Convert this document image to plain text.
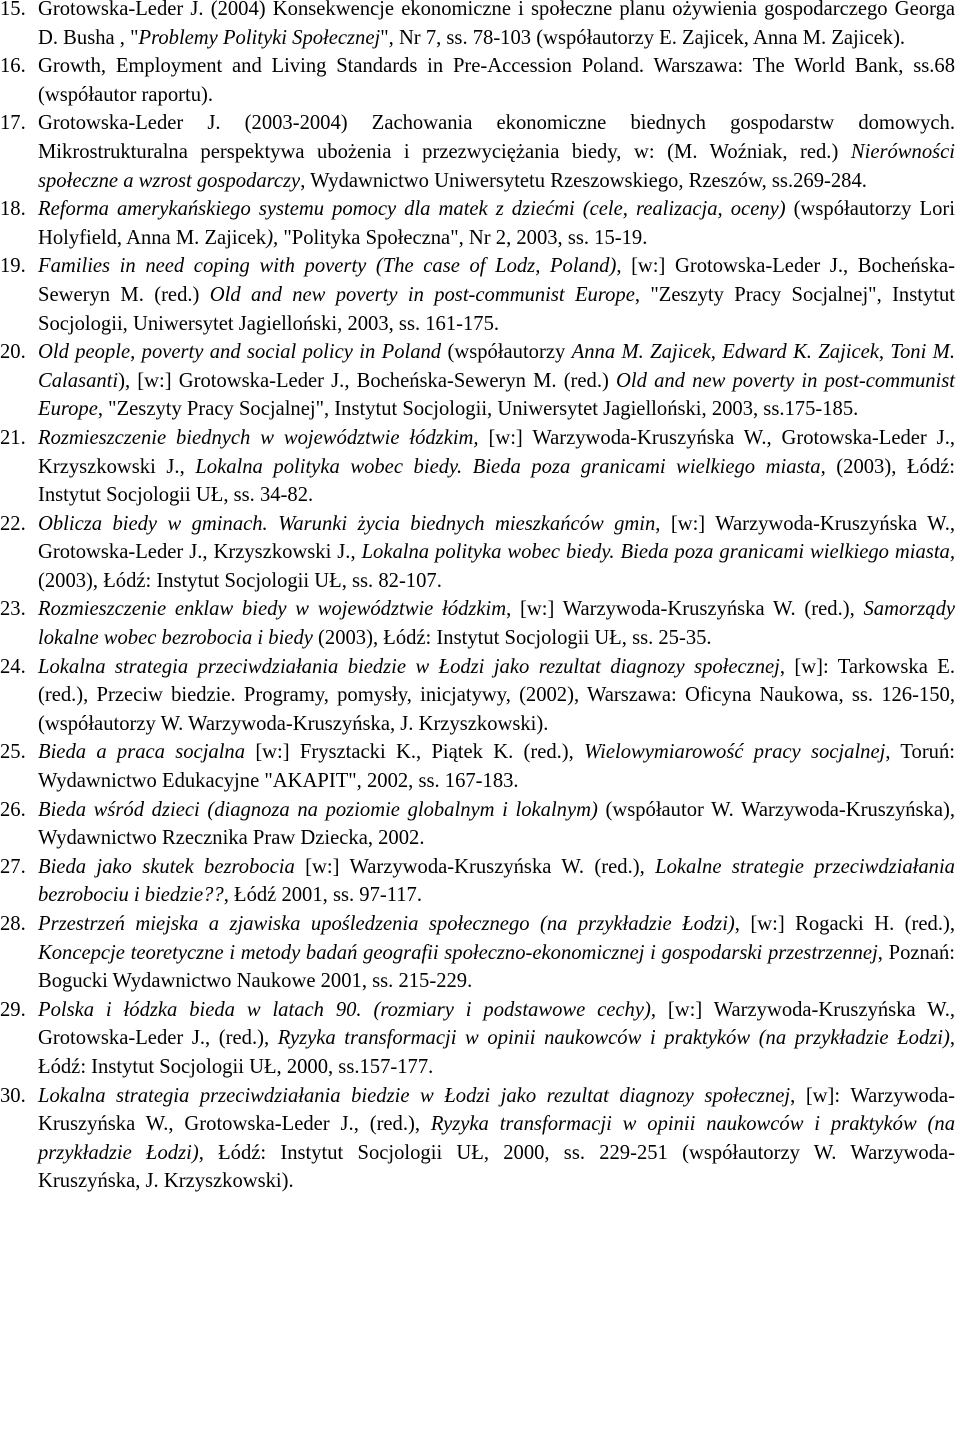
15. Grotowska-Leder J. (2004) Konsekwencje ekonomiczne i społeczne planu ożywienia gospodarczego Georga D. Busha , "Problemy Polityki Społecznej", Nr 7, ss. 78-103 (współautorzy E. Zajicek, Anna M. Zajicek).
16. Growth, Employment and Living Standards in Pre-Accession Poland. Warszawa: The World Bank, ss.68 (współautor raportu).
17. Grotowska-Leder J. (2003-2004) Zachowania ekonomiczne biednych gospodarstw domowych. Mikrostrukturalna perspektywa ubożenia i przezwyciężania biedy, w: (M. Woźniak, red.) Nierówności społeczne a wzrost gospodarczy, Wydawnictwo Uniwersytetu Rzeszowskiego, Rzeszów, ss.269-284.
18. Reforma amerykańskiego systemu pomocy dla matek z dziećmi (cele, realizacja, oceny) (współautorzy Lori Holyfield, Anna M. Zajicek), "Polityka Społeczna", Nr 2, 2003, ss. 15-19.
19. Families in need coping with poverty (The case of Lodz, Poland), [w:] Grotowska-Leder J., Bocheńska-Seweryn M. (red.) Old and new poverty in post-communist Europe, "Zeszyty Pracy Socjalnej", Instytut Socjologii, Uniwersytet Jagielloński, 2003, ss. 161-175.
20. Old people, poverty and social policy in Poland (współautorzy Anna M. Zajicek, Edward K. Zajicek, Toni M. Calasanti), [w:] Grotowska-Leder J., Bocheńska-Seweryn M. (red.) Old and new poverty in post-communist Europe, "Zeszyty Pracy Socjalnej", Instytut Socjologii, Uniwersytet Jagielloński, 2003, ss.175-185.
21. Rozmieszczenie biednych w województwie łódzkim, [w:] Warzywoda-Kruszyńska W., Grotowska-Leder J., Krzyszkowski J., Lokalna polityka wobec biedy. Bieda poza granicami wielkiego miasta, (2003), Łódź: Instytut Socjologii UŁ, ss. 34-82.
22. Oblicza biedy w gminach. Warunki życia biednych mieszkańców gmin, [w:] Warzywoda-Kruszyńska W., Grotowska-Leder J., Krzyszkowski J., Lokalna polityka wobec biedy. Bieda poza granicami wielkiego miasta, (2003), Łódź: Instytut Socjologii UŁ, ss. 82-107.
23. Rozmieszczenie enklaw biedy w województwie łódzkim, [w:] Warzywoda-Kruszyńska W. (red.), Samorządy lokalne wobec bezrobocia i biedy (2003), Łódź: Instytut Socjologii UŁ, ss. 25-35.
24. Lokalna strategia przeciwdziałania biedzie w Łodzi jako rezultat diagnozy społecznej, [w]: Tarkowska E. (red.), Przeciw biedzie. Programy, pomysły, inicjatywy, (2002), Warszawa: Oficyna Naukowa, ss. 126-150, (współautorzy W. Warzywoda-Kruszyńska, J. Krzyszkowski).
25. Bieda a praca socjalna [w:] Frysztacki K., Piątek K. (red.), Wielowymiarowość pracy socjalnej, Toruń: Wydawnictwo Edukacyjne "AKAPIT", 2002, ss. 167-183.
26. Bieda wśród dzieci (diagnoza na poziomie globalnym i lokalnym) (współautor W. Warzywoda-Kruszyńska), Wydawnictwo Rzecznika Praw Dziecka, 2002.
27. Bieda jako skutek bezrobocia [w:] Warzywoda-Kruszyńska W. (red.), Lokalne strategie przeciwdziałania bezrobociu i biedzie??, Łódź 2001, ss. 97-117.
28. Przestrzeń miejska a zjawiska upośledzenia społecznego (na przykładzie Łodzi), [w:] Rogacki H. (red.), Koncepcje teoretyczne i metody badań geografii społeczno-ekonomicznej i gospodarski przestrzennej, Poznań: Bogucki Wydawnictwo Naukowe 2001, ss. 215-229.
29. Polska i łódzka bieda w latach 90. (rozmiary i podstawowe cechy), [w:] Warzywoda-Kruszyńska W., Grotowska-Leder J., (red.), Ryzyka transformacji w opinii naukowców i praktyków (na przykładzie Łodzi), Łódź: Instytut Socjologii UŁ, 2000, ss.157-177.
30. Lokalna strategia przeciwdziałania biedzie w Łodzi jako rezultat diagnozy społecznej, [w]: Warzywoda-Kruszyńska W., Grotowska-Leder J., (red.), Ryzyka transformacji w opinii naukowców i praktyków (na przykładzie Łodzi), Łódź: Instytut Socjologii UŁ, 2000, ss. 229-251 (współautorzy W. Warzywoda-Kruszyńska, J. Krzyszkowski).
